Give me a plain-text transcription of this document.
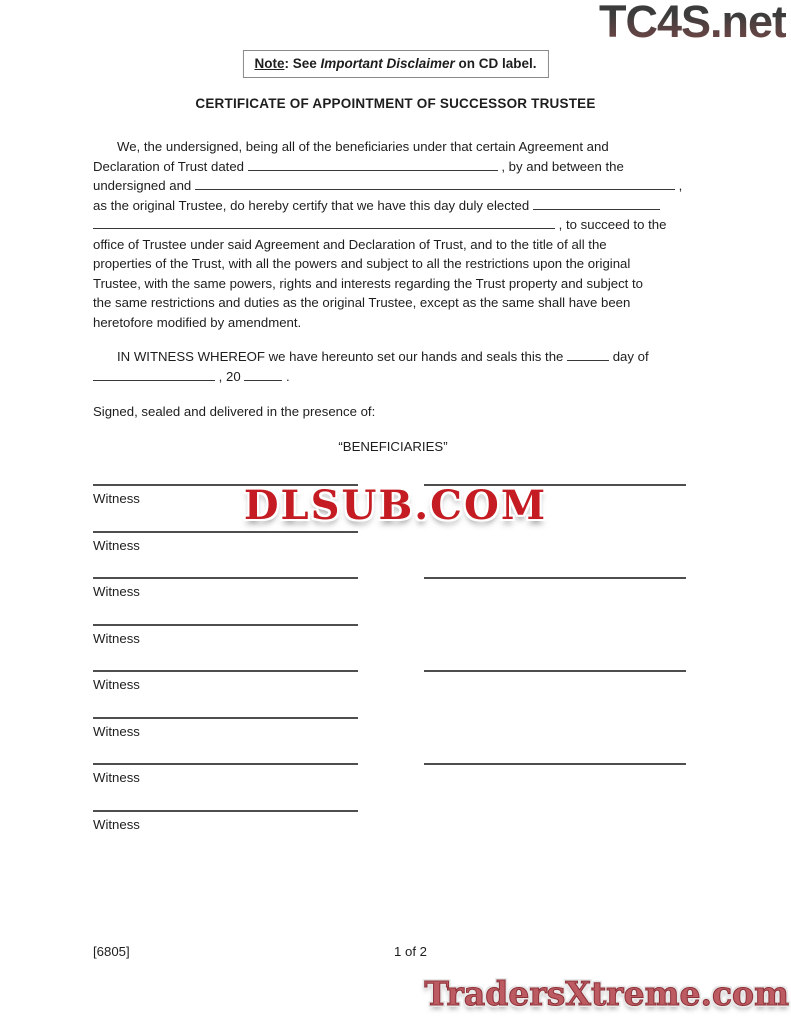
TC4S.net
Note: See Important Disclaimer on CD label.
CERTIFICATE OF APPOINTMENT OF SUCCESSOR TRUSTEE
We, the undersigned, being all of the beneficiaries under that certain Agreement and
Declaration of Trust dated	, by and between the
undersigned and	,
as the original Trustee, do hereby certify that we have this day duly elected
, to succeed to the
office of Trustee under said Agreement and Declaration of Trust, and to the title of all the
properties of the Trust, with all the powers and subject to all the restrictions upon the original
Trustee, with the same powers, rights and interests regarding the Trust property and subject to
the same restrictions and duties as the original Trustee, except as the same shall have been
heretofore modified by amendment.
IN WITNESS WHEREOF we have hereunto set our hands and seals this the	day of
, 20	.
Signed, sealed and delivered in the presence of:
“BENEFICIARIES”
Witness
Witness
Witness
Witness
Witness
Witness
Witness
Witness
DLSUB.COM
[6805]	1 of 2
TradersXtreme.com
